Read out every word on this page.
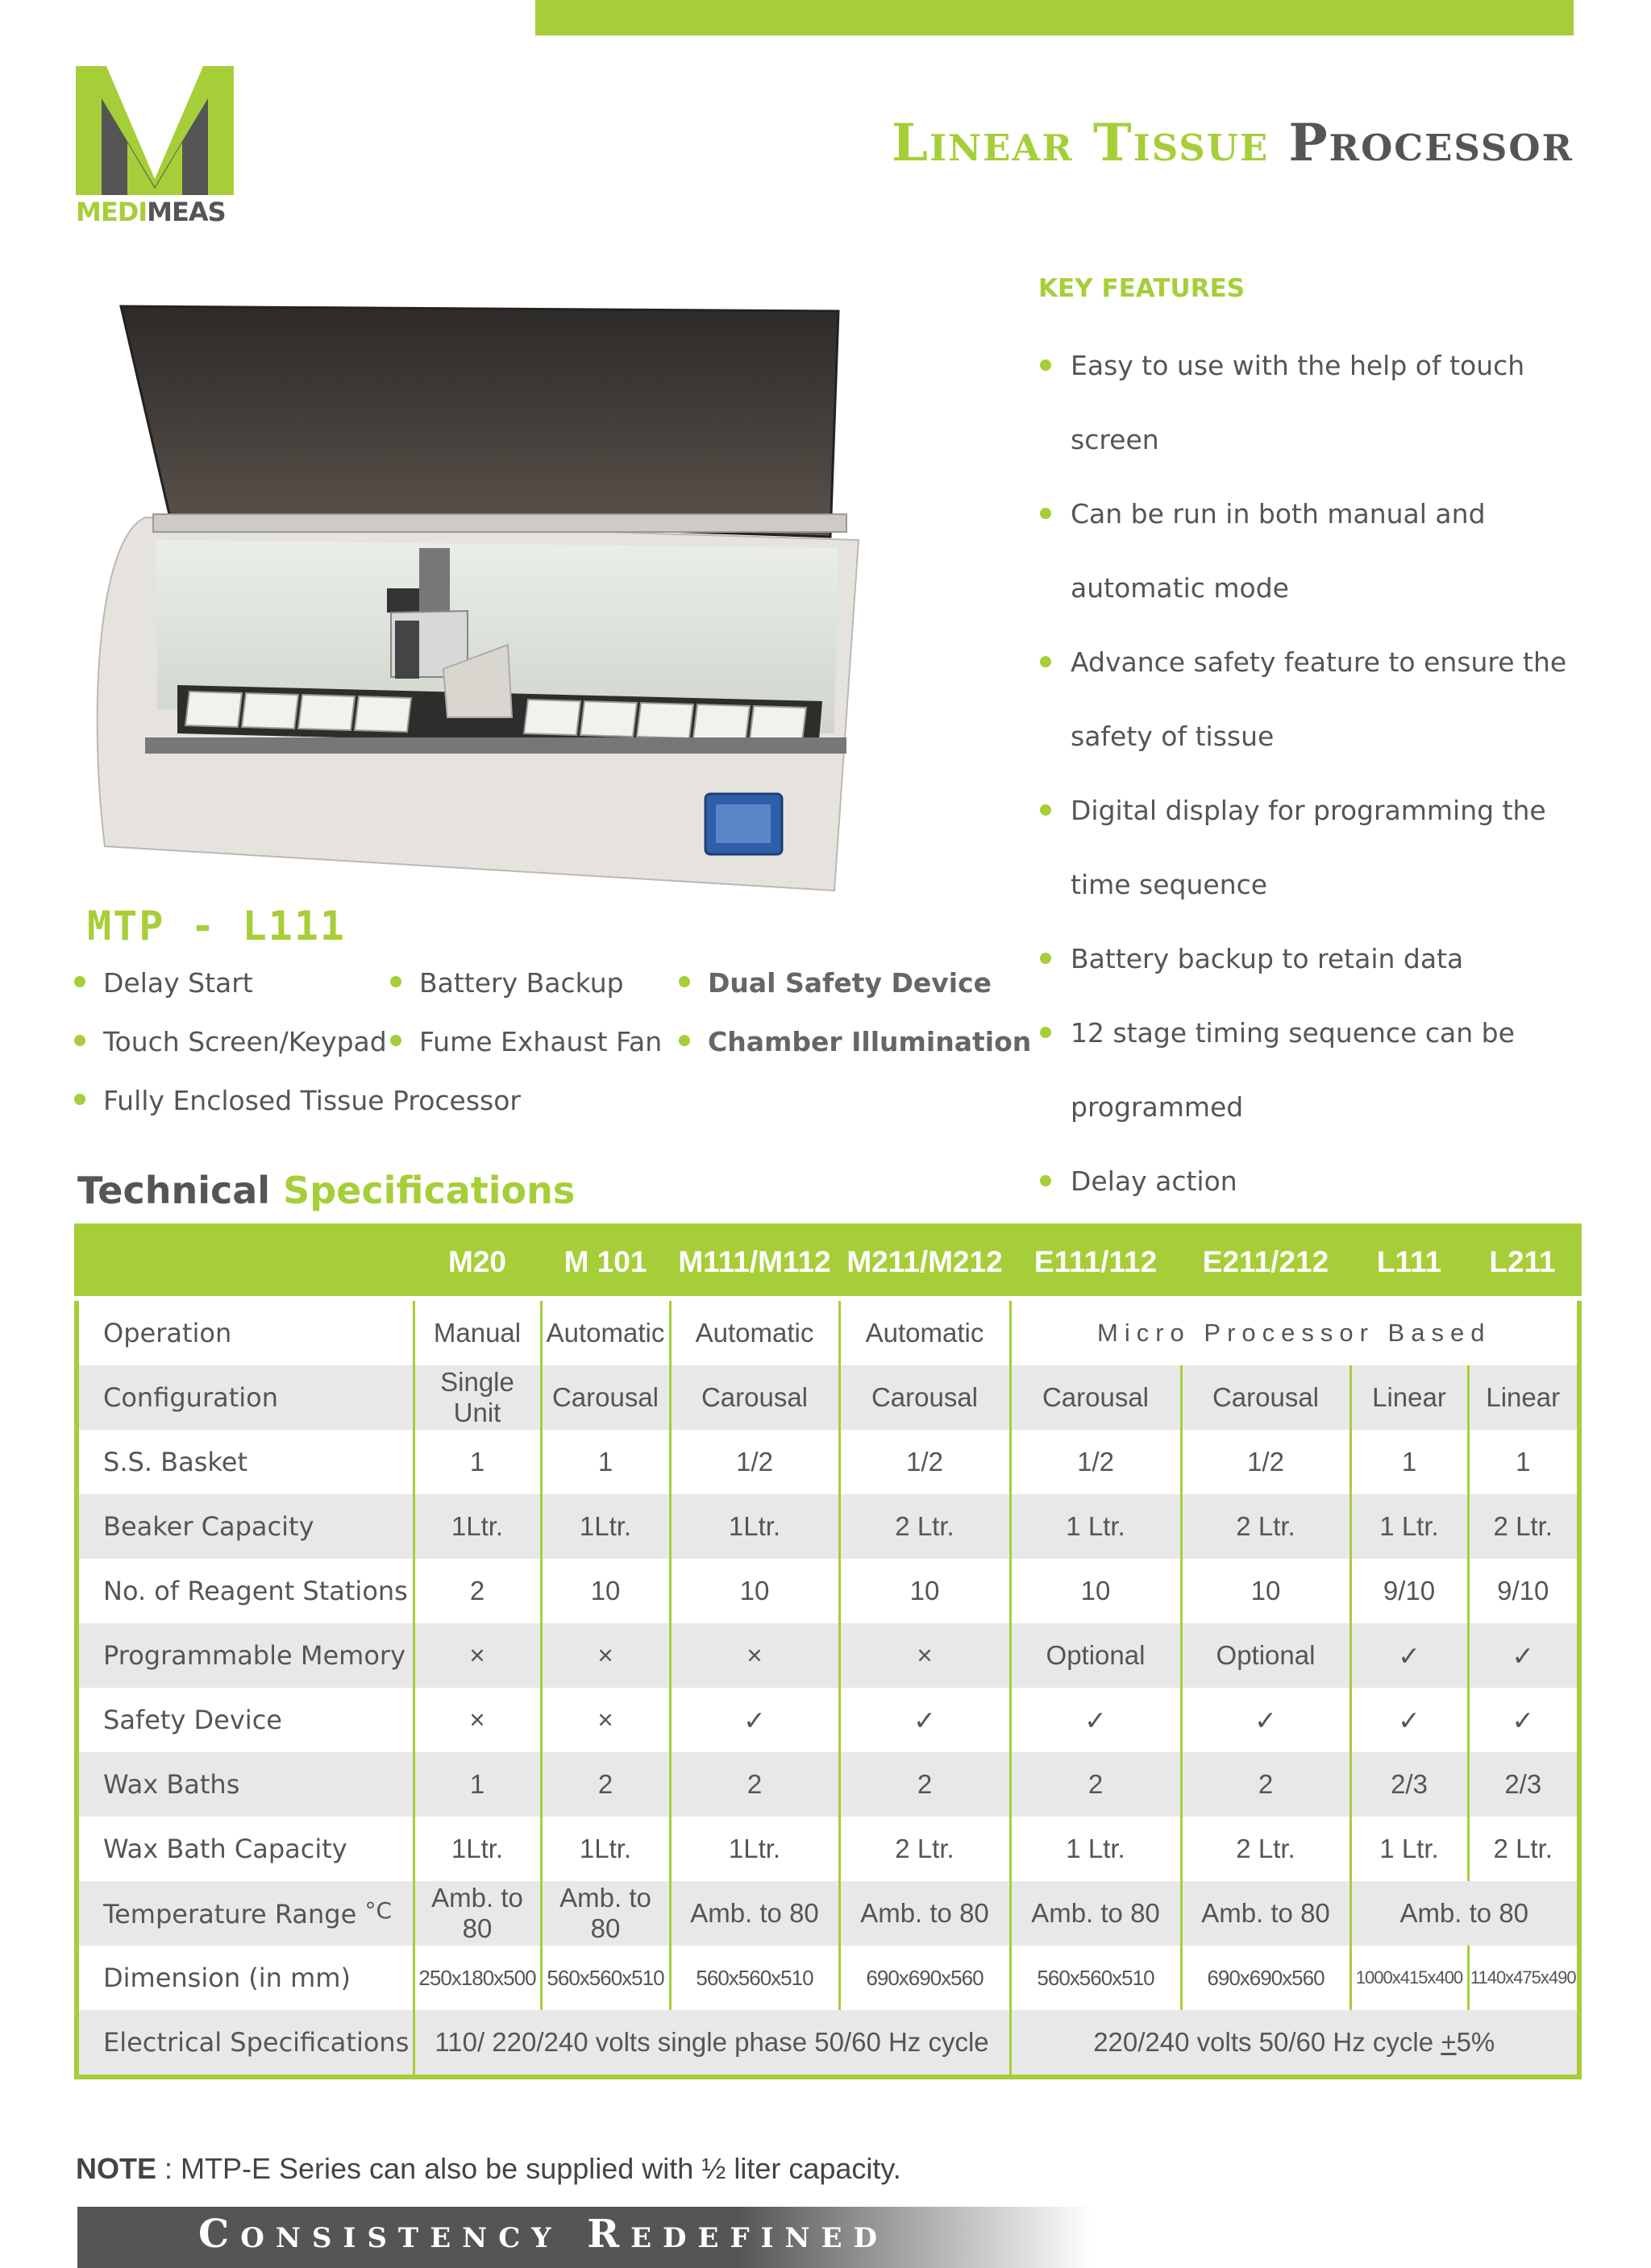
MEDIMEAS
Linear Tissue Processor
MTP - L111
Delay Start	Battery Backup	Dual Safety Device
Touch Screen/Keypad	Fume Exhaust Fan	Chamber Illumination
Fully Enclosed Tissue Processor
KEY FEATURES
Easy to use with the help of touch screen
Can be run in both manual and automatic mode
Advance safety feature to ensure the safety of tissue
Digital display for programming the time sequence
Battery backup to retain data
12 stage timing sequence can be programmed
Delay action
Technical Specifications
	M20	M 101	M111/M112	M211/M212	E111/112	E211/212	L111	L211
Operation	Manual	Automatic	Automatic	Automatic	Micro Processor Based			
Configuration	Single Unit	Carousal	Carousal	Carousal	Carousal	Carousal	Linear	Linear
S.S. Basket	1	1	1/2	1/2	1/2	1/2	1	1
Beaker Capacity	1Ltr.	1Ltr.	1Ltr.	2 Ltr.	1 Ltr.	2 Ltr.	1 Ltr.	2 Ltr.
No. of Reagent Stations	2	10	10	10	10	10	9/10	9/10
Programmable Memory	×	×	×	×	Optional	Optional	✓	✓
Safety Device	×	×	✓	✓	✓	✓	✓	✓
Wax Baths	1	2	2	2	2	2	2/3	2/3
Wax Bath Capacity	1Ltr.	1Ltr.	1Ltr.	2 Ltr.	1 Ltr.	2 Ltr.	1 Ltr.	2 Ltr.
Temperature Range °C	Amb. to 80	Amb. to 80	Amb. to 80	Amb. to 80	Amb. to 80	Amb. to 80	Amb. to 80	
Dimension (in mm)	250x180x500	560x560x510	560x560x510	690x690x560	560x560x510	690x690x560	1000x415x400	1140x475x490
Electrical Specifications	110/ 220/240 volts single phase 50/60 Hz cycle				220/240 volts 50/60 Hz cycle +5%			
NOTE : MTP-E Series can also be supplied with ½ liter capacity.
Consistency Redefined
